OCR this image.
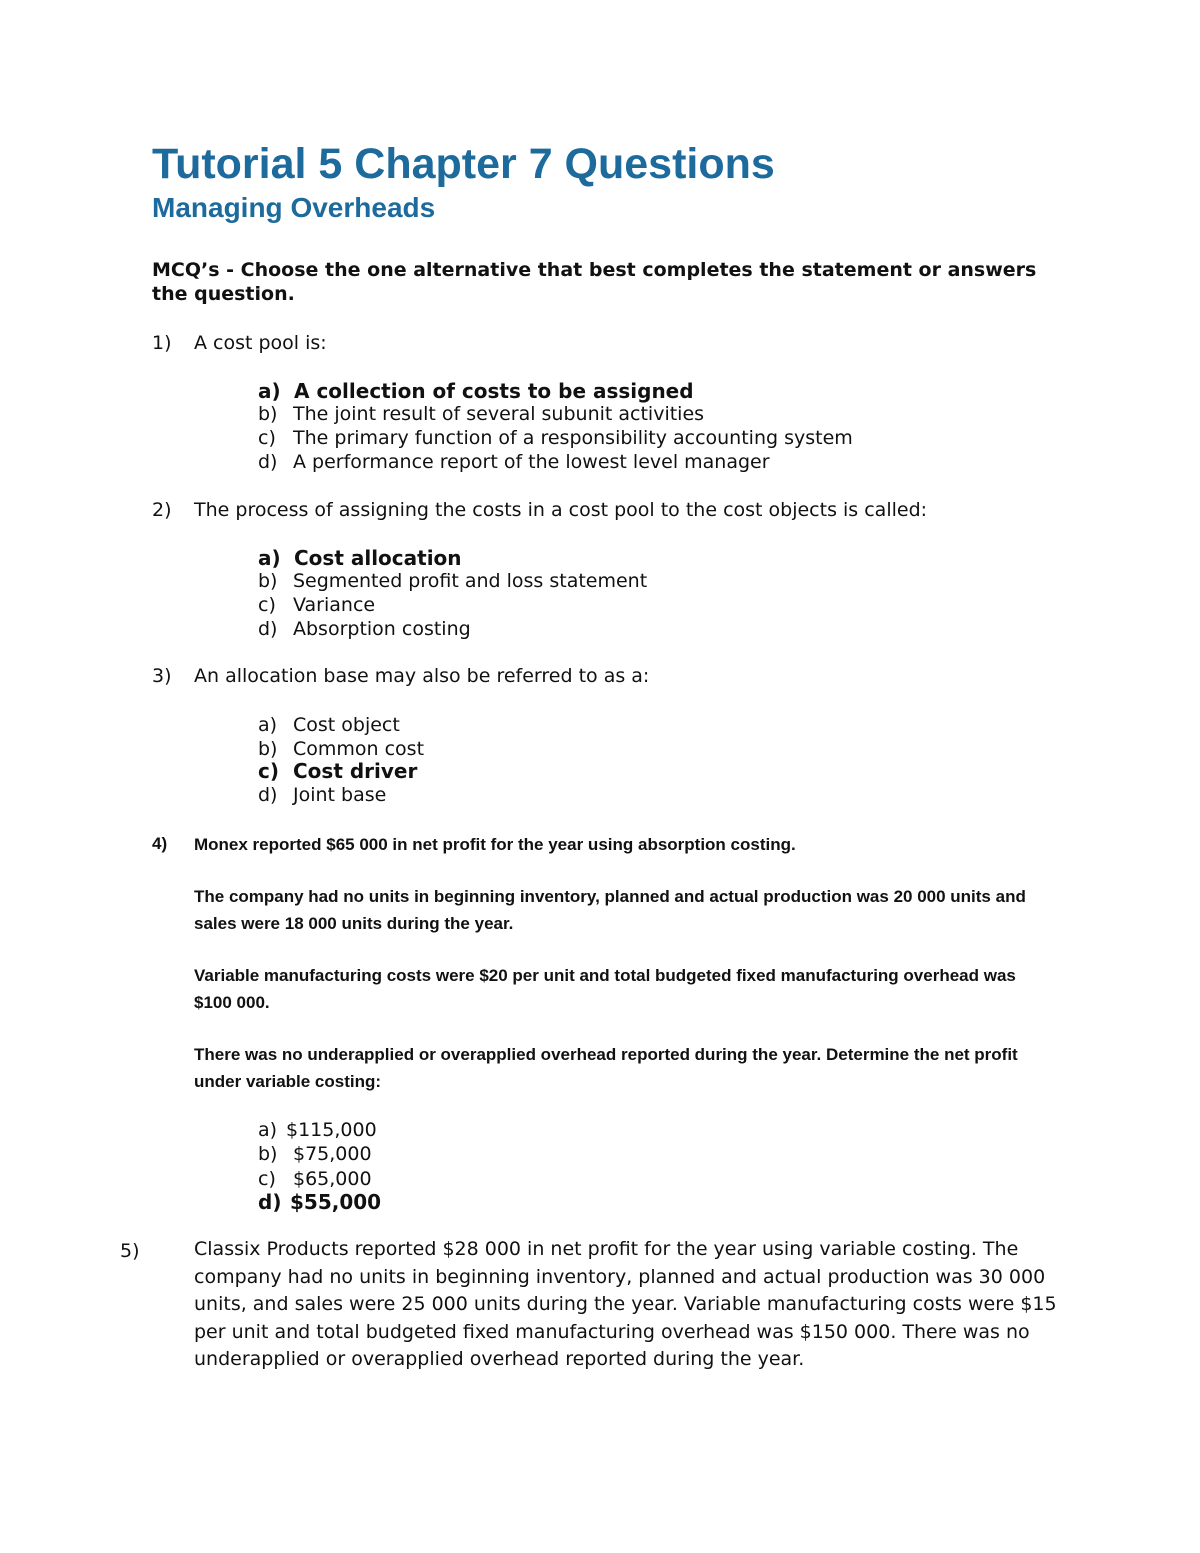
Tutorial 5 Chapter 7 Questions
Managing Overheads

MCQ’s - Choose the one alternative that best completes the statement or answers the question.

1) A cost pool is:
a) A collection of costs to be assigned
b) The joint result of several subunit activities
c) The primary function of a responsibility accounting system
d) A performance report of the lowest level manager
2) The process of assigning the costs in a cost pool to the cost objects is called:
a) Cost allocation
b) Segmented profit and loss statement
c) Variance
d) Absorption costing
3) An allocation base may also be referred to as a:
a) Cost object
b) Common cost
c) Cost driver
d) Joint base
4) Monex reported $65 000 in net profit for the year using absorption costing.

The company had no units in beginning inventory, planned and actual production was 20 000 units and sales were 18 000 units during the year.

Variable manufacturing costs were $20 per unit and total budgeted fixed manufacturing overhead was $100 000.

There was no underapplied or overapplied overhead reported during the year. Determine the net profit under variable costing:

a) $115,000
b) $75,000
c) $65,000
d) $55,000
5)	Classix Products reported $28 000 in net profit for the year using variable costing. The company had no units in beginning inventory, planned and actual production was 30 000 units, and sales were 25 000 units during the year. Variable manufacturing costs were $15 per unit and total budgeted fixed manufacturing overhead was $150 000. There was no underapplied or overapplied overhead reported during the year.
